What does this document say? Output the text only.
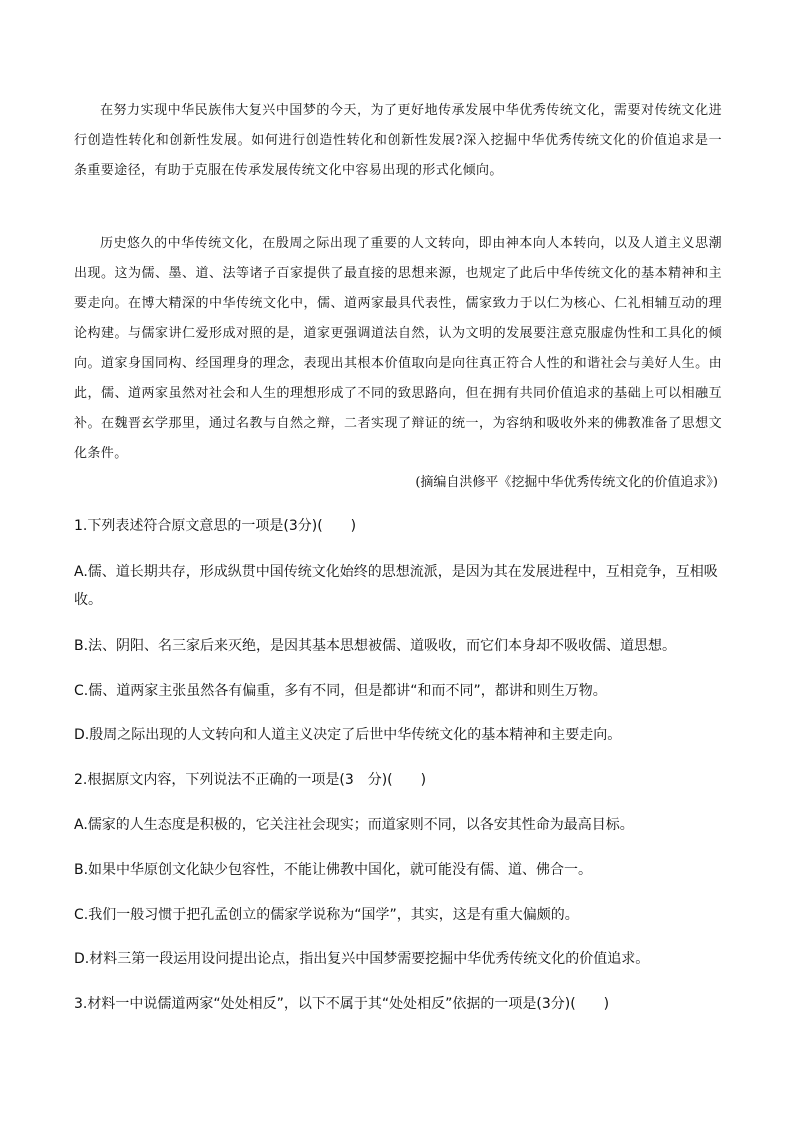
在努力实现中华民族伟大复兴中国梦的今天，为了更好地传承发展中华优秀传统文化，需要对传统文化进行创造性转化和创新性发展。如何进行创造性转化和创新性发展?深入挖掘中华优秀传统文化的价值追求是一条重要途径，有助于克服在传承发展传统文化中容易出现的形式化倾向。

历史悠久的中华传统文化，在殷周之际出现了重要的人文转向，即由神本向人本转向，以及人道主义思潮出现。这为儒、墨、道、法等诸子百家提供了最直接的思想来源，也规定了此后中华传统文化的基本精神和主要走向。在博大精深的中华传统文化中，儒、道两家最具代表性，儒家致力于以仁为核心、仁礼相辅互动的理论构建。与儒家讲仁爱形成对照的是，道家更强调道法自然，认为文明的发展要注意克服虚伪性和工具化的倾向。道家身国同构、经国理身的理念，表现出其根本价值取向是向往真正符合人性的和谐社会与美好人生。由此，儒、道两家虽然对社会和人生的理想形成了不同的致思路向，但在拥有共同价值追求的基础上可以相融互补。在魏晋玄学那里，通过名教与自然之辩，二者实现了辩证的统一，为容纳和吸收外来的佛教准备了思想文化条件。

(摘编自洪修平《挖掘中华优秀传统文化的价值追求》)

1.下列表述符合原文意思的一项是(3分)(　　)

A.儒、道长期共存，形成纵贯中国传统文化始终的思想流派，是因为其在发展进程中，互相竞争，互相吸收。

B.法、阴阳、名三家后来灭绝，是因其基本思想被儒、道吸收，而它们本身却不吸收儒、道思想。

C.儒、道两家主张虽然各有偏重，多有不同，但是都讲“和而不同”，都讲和则生万物。

D.殷周之际出现的人文转向和人道主义决定了后世中华传统文化的基本精神和主要走向。

2.根据原文内容，下列说法不正确的一项是(3　分)(　　)

A.儒家的人生态度是积极的，它关注社会现实；而道家则不同，以各安其性命为最高目标。

B.如果中华原创文化缺少包容性，不能让佛教中国化，就可能没有儒、道、佛合一。

C.我们一般习惯于把孔孟创立的儒家学说称为“国学”，其实，这是有重大偏颇的。

D.材料三第一段运用设问提出论点，指出复兴中国梦需要挖掘中华优秀传统文化的价值追求。

3.材料一中说儒道两家“处处相反”，以下不属于其“处处相反”依据的一项是(3分)(　　)
